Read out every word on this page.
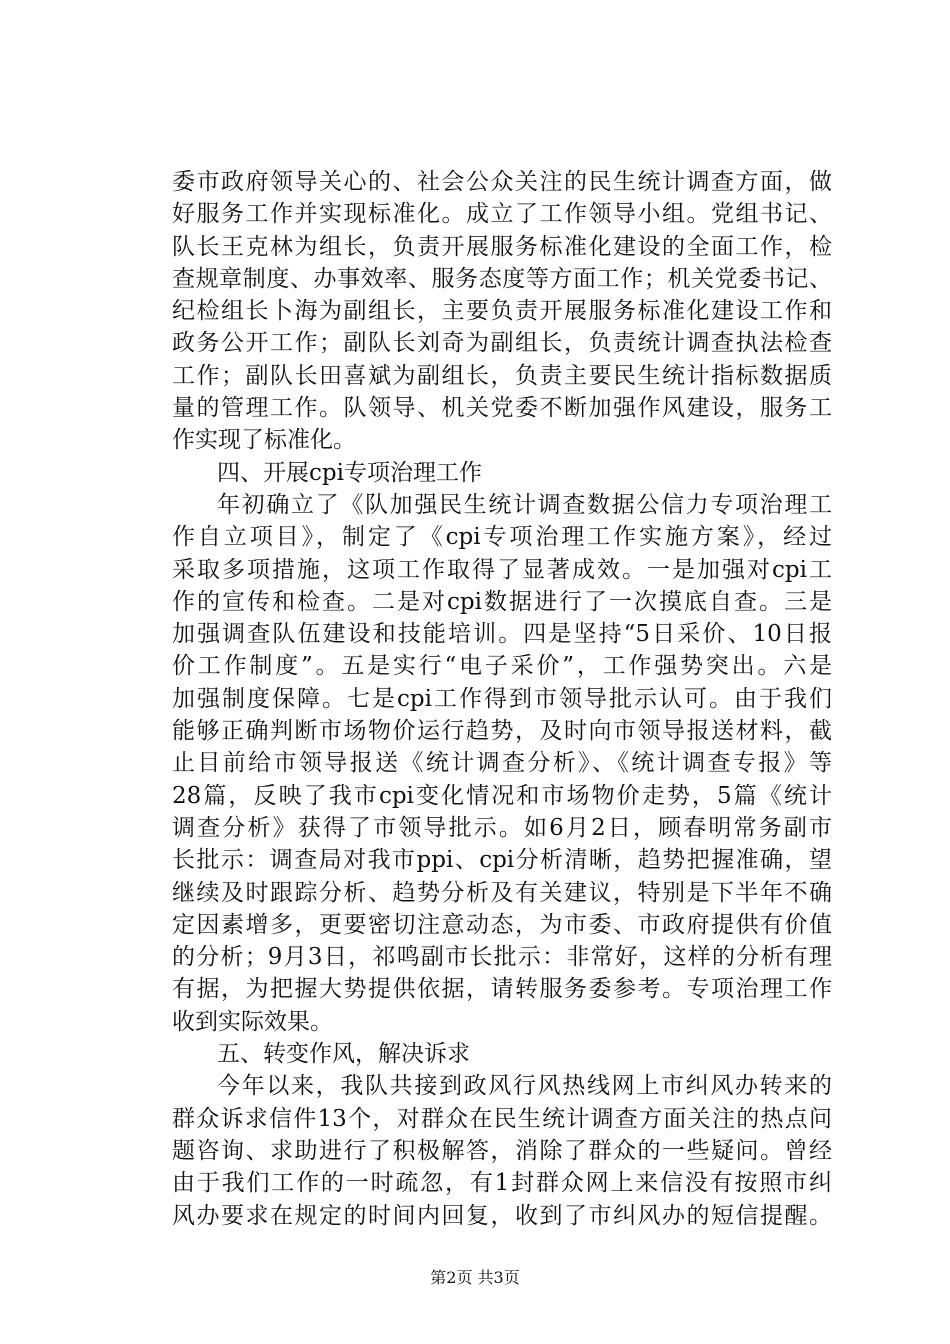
委市政府领导关心的、社会公众关注的民生统计调查方面，做
好服务工作并实现标准化。成立了工作领导小组。党组书记、
队长王克林为组长，负责开展服务标准化建设的全面工作，检
查规章制度、办事效率、服务态度等方面工作；机关党委书记、
纪检组长卜海为副组长，主要负责开展服务标准化建设工作和
政务公开工作；副队长刘奇为副组长，负责统计调查执法检查
工作；副队长田喜斌为副组长，负责主要民生统计指标数据质
量的管理工作。队领导、机关党委不断加强作风建设，服务工
作实现了标准化。
四、开展cpi专项治理工作
年初确立了《队加强民生统计调查数据公信力专项治理工
作自立项目》，制定了《cpi专项治理工作实施方案》，经过
采取多项措施，这项工作取得了显著成效。一是加强对cpi工
作的宣传和检查。二是对cpi数据进行了一次摸底自查。三是
加强调查队伍建设和技能培训。四是坚持“5日采价、10日报
价工作制度”。五是实行“电子采价”，工作强势突出。六是
加强制度保障。七是cpi工作得到市领导批示认可。由于我们
能够正确判断市场物价运行趋势，及时向市领导报送材料，截
止目前给市领导报送《统计调查分析》、《统计调查专报》等
28篇，反映了我市cpi变化情况和市场物价走势，5篇《统计
调查分析》获得了市领导批示。如6月2日，顾春明常务副市
长批示：调查局对我市ppi、cpi分析清晰，趋势把握准确，望
继续及时跟踪分析、趋势分析及有关建议，特别是下半年不确
定因素增多，更要密切注意动态，为市委、市政府提供有价值
的分析；9月3日，祁鸣副市长批示：非常好，这样的分析有理
有据，为把握大势提供依据，请转服务委参考。专项治理工作
收到实际效果。
五、转变作风，解决诉求
今年以来，我队共接到政风行风热线网上市纠风办转来的
群众诉求信件13个，对群众在民生统计调查方面关注的热点问
题咨询、求助进行了积极解答，消除了群众的一些疑问。曾经
由于我们工作的一时疏忽，有1封群众网上来信没有按照市纠
风办要求在规定的时间内回复，收到了市纠风办的短信提醒。
第2页 共3页
